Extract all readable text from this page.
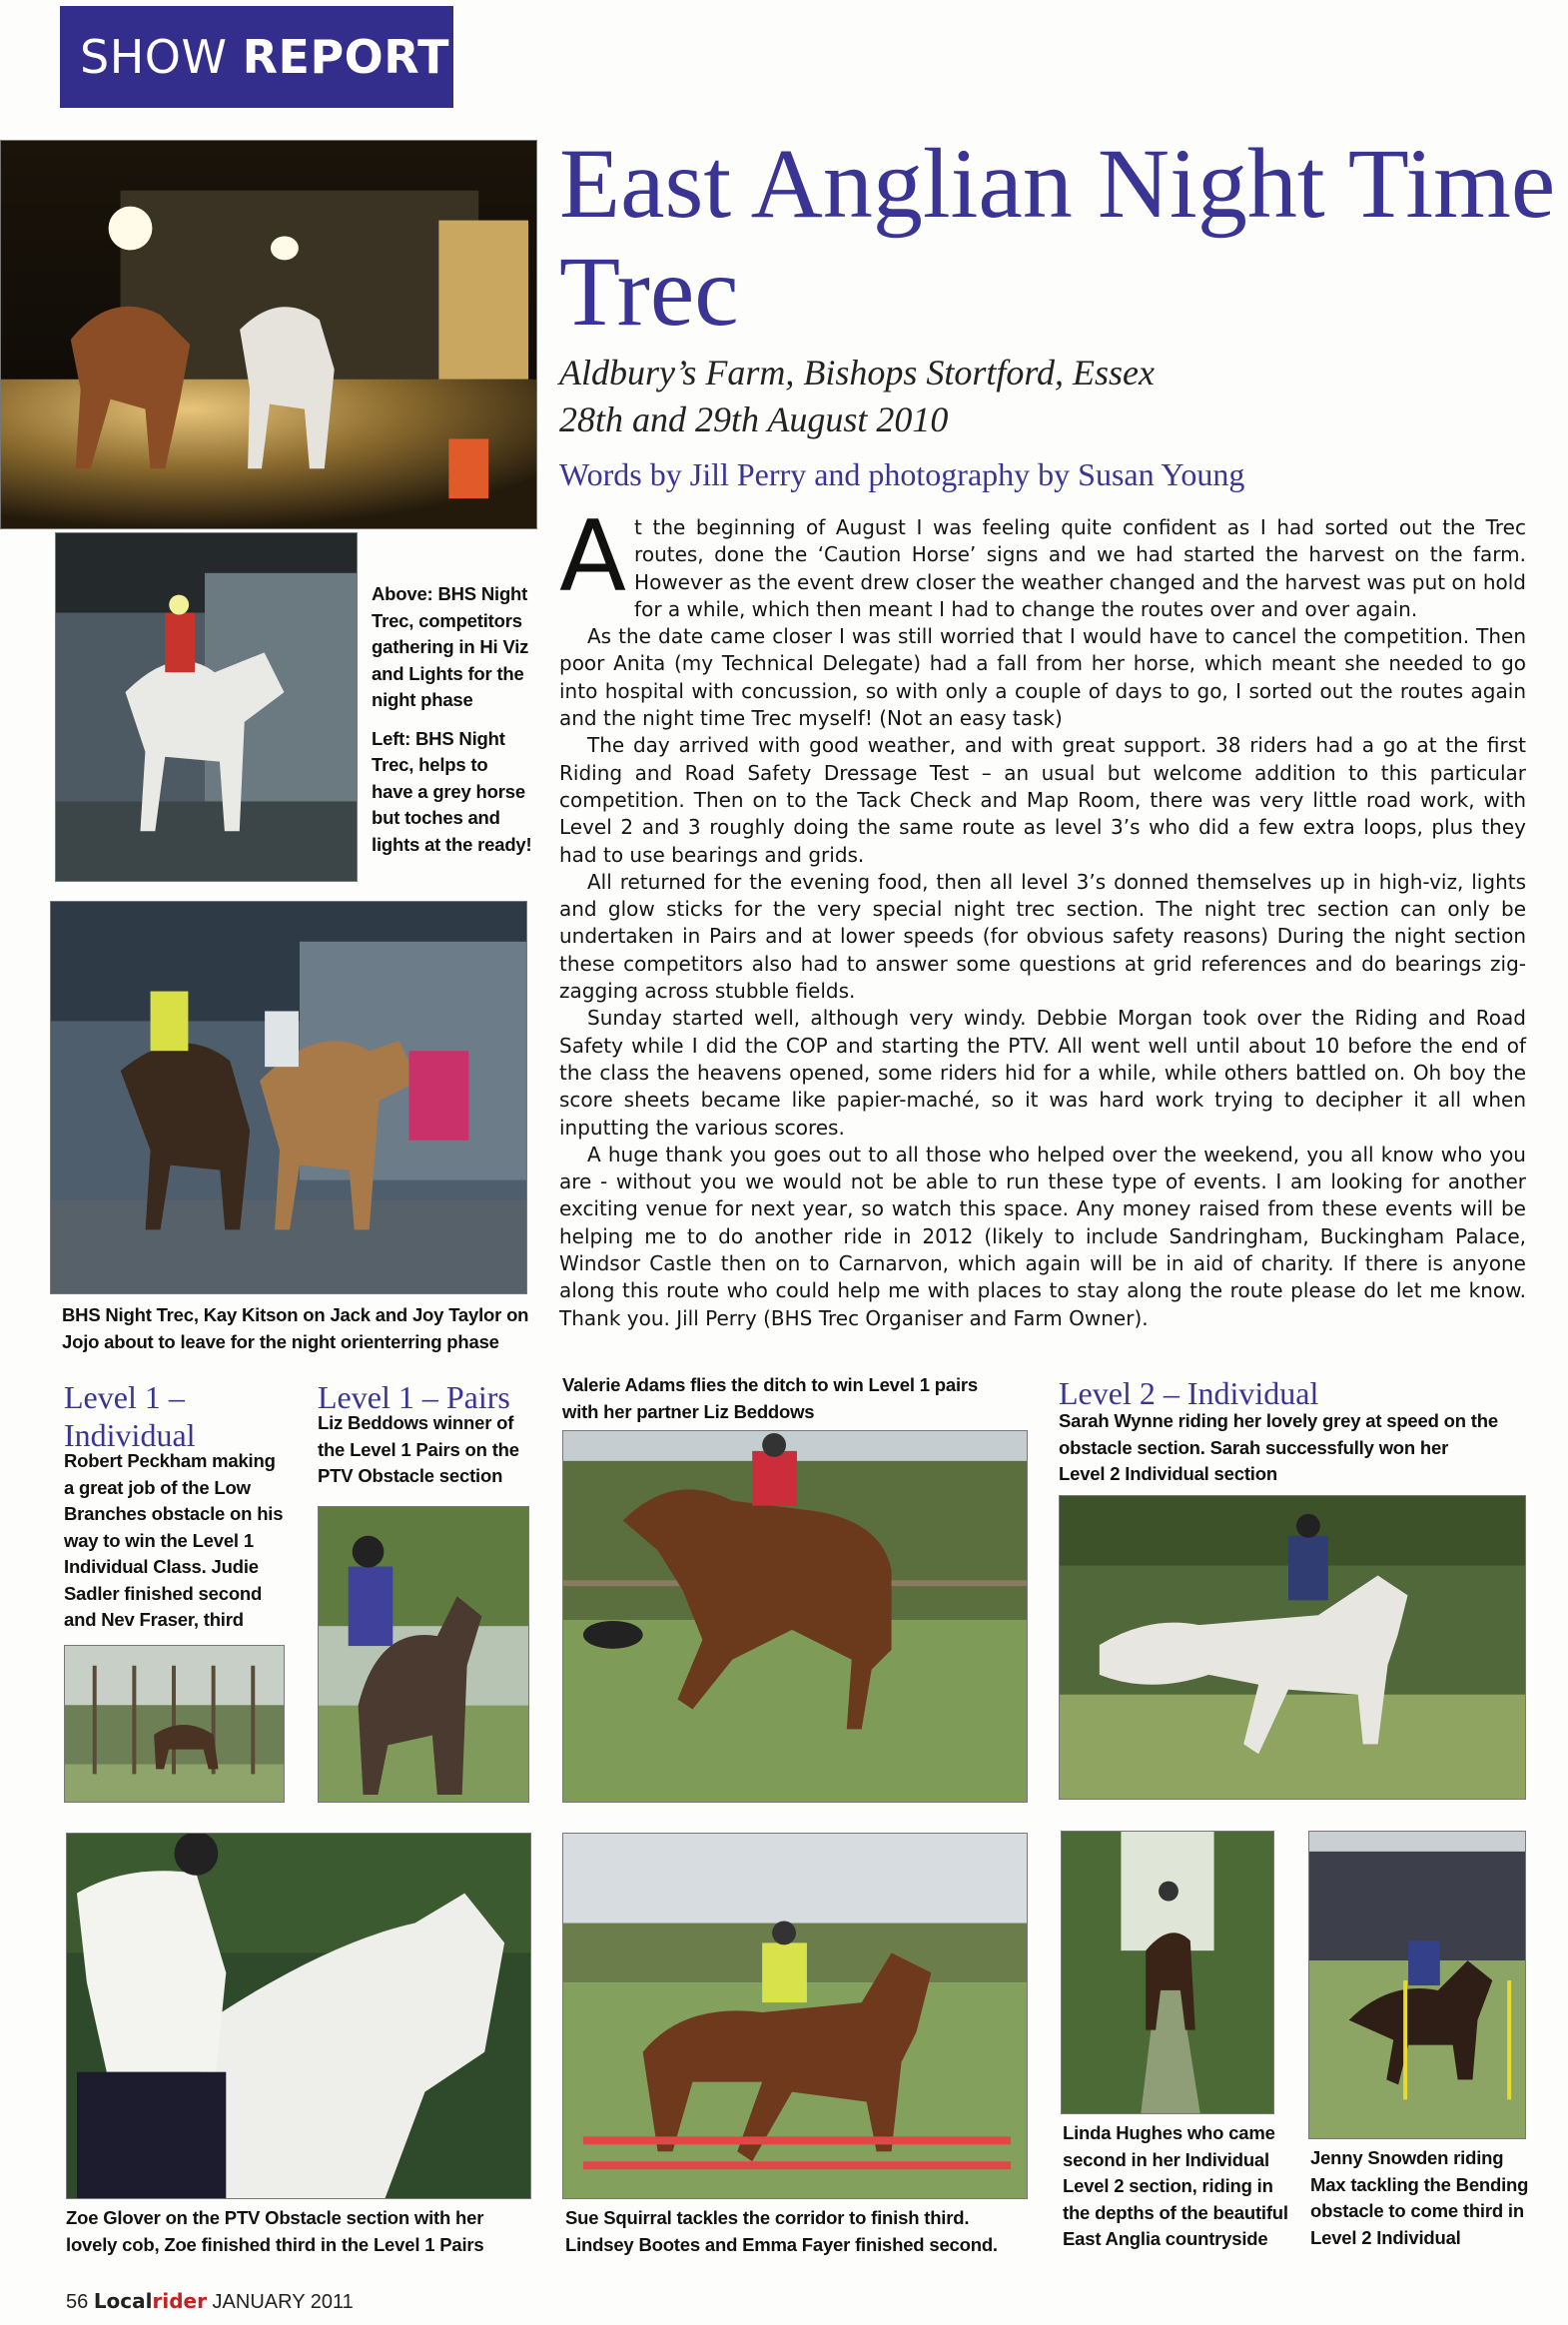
SHOW REPORT

Above: BHS Night Trec, competitors gathering in Hi Viz and Lights for the night phase

Left: BHS Night Trec, helps to have a grey horse but toches and lights at the ready!

BHS Night Trec, Kay Kitson on Jack and Joy Taylor on Jojo about to leave for the night orienterring phase
East Anglian Night Time Trec
Aldbury’s Farm, Bishops Stortford, Essex
28th and 29th August 2010
Words by Jill Perry and photography by Susan Young

At the beginning of August I was feeling quite confident as I had sorted out the Trec routes, done the ‘Caution Horse’ signs and we had started the harvest on the farm. However as the event drew closer the weather changed and the harvest was put on hold for a while, which then meant I had to change the routes over and over again.

As the date came closer I was still worried that I would have to cancel the competition. Then poor Anita (my Technical Delegate) had a fall from her horse, which meant she needed to go into hospital with concussion, so with only a couple of days to go, I sorted out the routes again and the night time Trec myself! (Not an easy task)

The day arrived with good weather, and with great support. 38 riders had a go at the first Riding and Road Safety Dressage Test – an usual but welcome addition to this particular competition. Then on to the Tack Check and Map Room, there was very little road work, with Level 2 and 3 roughly doing the same route as level 3’s who did a few extra loops, plus they had to use bearings and grids.

All returned for the evening food, then all level 3’s donned themselves up in high-viz, lights and glow sticks for the very special night trec section. The night trec section can only be undertaken in Pairs and at lower speeds (for obvious safety reasons) During the night section these competitors also had to answer some questions at grid references and do bearings zig-zagging across stubble fields.

Sunday started well, although very windy. Debbie Morgan took over the Riding and Road Safety while I did the COP and starting the PTV. All went well until about 10 before the end of the class the heavens opened, some riders hid for a while, while others battled on. Oh boy the score sheets became like papier-maché, so it was hard work trying to decipher it all when inputting the various scores.

A huge thank you goes out to all those who helped over the weekend, you all know who you are - without you we would not be able to run these type of events. I am looking for another exciting venue for next year, so watch this space. Any money raised from these events will be helping me to do another ride in 2012 (likely to include Sandringham, Buckingham Palace, Windsor Castle then on to Carnarvon, which again will be in aid of charity. If there is anyone along this route who could help me with places to stay along the route please do let me know. Thank you. Jill Perry (BHS Trec Organiser and Farm Owner).

Level 1 – Individual
Robert Peckham making a great job of the Low Branches obstacle on his way to win the Level 1 Individual Class. Judie Sadler finished second and Nev Fraser, third
Level 1 – Pairs
Liz Beddows winner of the Level 1 Pairs on the PTV Obstacle section
Valerie Adams flies the ditch to win Level 1 pairs with her partner Liz Beddows	Level 2 – Individual
Sarah Wynne riding her lovely grey at speed on the obstacle section. Sarah successfully won her Level 2 Individual section
Zoe Glover on the PTV Obstacle section with her lovely cob, Zoe finished third in the Level 1 Pairs
Sue Squirral tackles the corridor to finish third. Lindsey Bootes and Emma Fayer finished second.
Linda Hughes who came second in her Individual Level 2 section, riding in the depths of the beautiful East Anglia countryside
Jenny Snowden riding Max tackling the Bending obstacle to come third in Level 2 Individual
56 Localrider JANUARY 2011
